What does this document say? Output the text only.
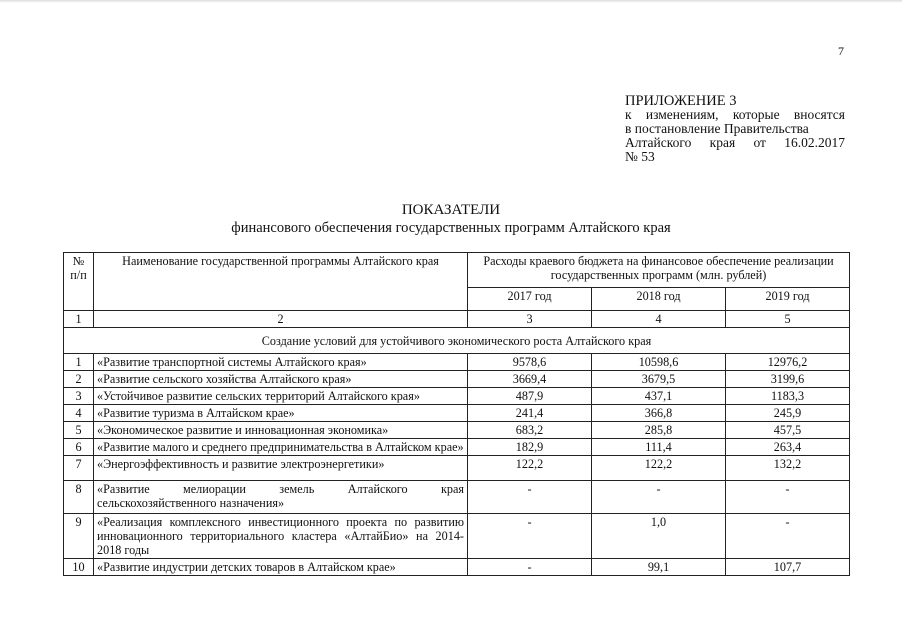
7
ПРИЛОЖЕНИЕ 3
к изменениям, которые вносятся
в постановление Правительства
Алтайского края от 16.02.2017
№ 53
ПОКАЗАТЕЛИ
финансового обеспечения государственных программ Алтайского края
№ п/п	Наименование государственной программы Алтайского края	Расходы краевого бюджета на финансовое обеспечение реализации государственных программ (млн. рублей)		
		2017 год	2018 год	2019 год
1	2	3	4	5
Создание условий для устойчивого экономического роста Алтайского края				
1	«Развитие транспортной системы Алтайского края»	9578,6	10598,6	12976,2
2	«Развитие сельского хозяйства Алтайского края»	3669,4	3679,5	3199,6
3	«Устойчивое развитие сельских территорий Алтайского края»	487,9	437,1	1183,3
4	«Развитие туризма в Алтайском крае»	241,4	366,8	245,9
5	«Экономическое развитие и инновационная экономика»	683,2	285,8	457,5
6	«Развитие малого и среднего предпринимательства в Алтайском крае»	182,9	111,4	263,4
7	«Энергоэффективность и развитие электроэнергетики»	122,2	122,2	132,2
8	«Развитие мелиорации земель Алтайского края сельскохозяйственного назначения»	-	-	-
9	«Реализация комплексного инвестиционного проекта по развитию инновационного территориального кластера «АлтайБио» на 2014-2018 годы	-	1,0	-
10	«Развитие индустрии детских товаров в Алтайском крае»	-	99,1	107,7
